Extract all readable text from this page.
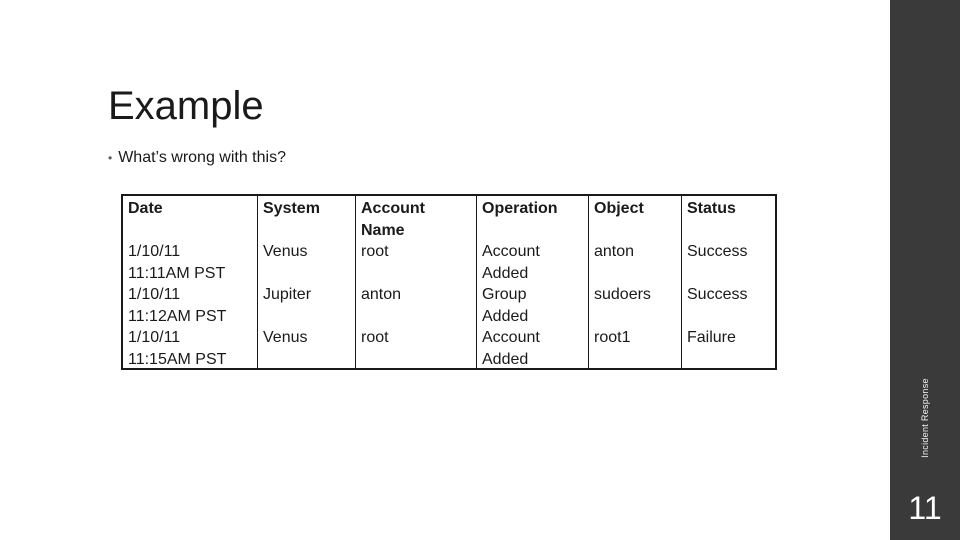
Example
• What’s wrong with this?
Date
1/10/11
11:11AM PST
1/10/11
11:12AM PST
1/10/11
11:15AM PST
System
Venus
Jupiter
Venus
Account
Name
root
anton
root
Operation
Account
Added
Group
Added
Account
Added
Object
anton
sudoers
root1
Status
Success
Success
Failure
Incident Response
11
